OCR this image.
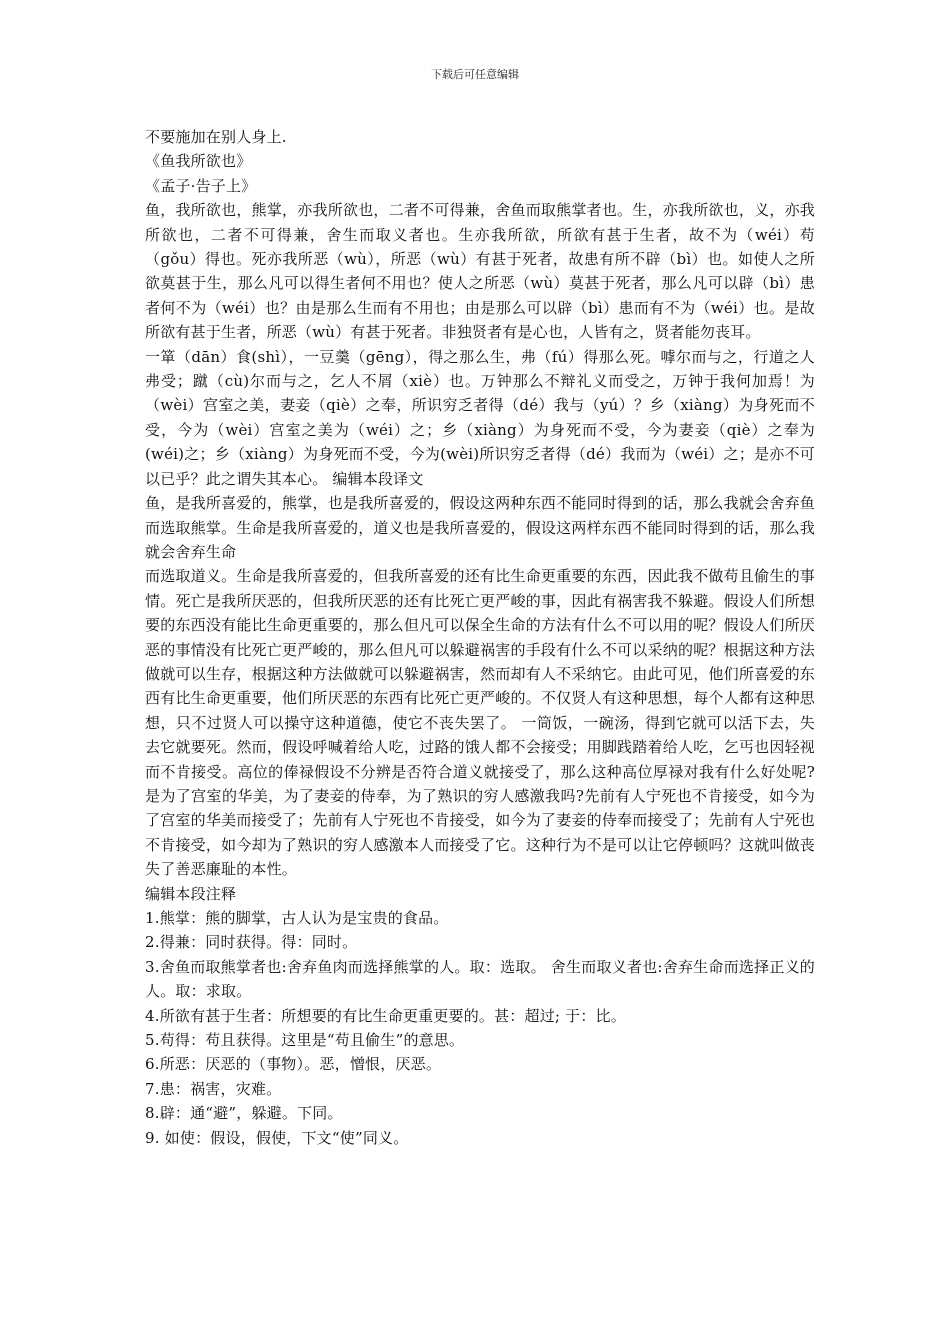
下载后可任意编辑

不要施加在别人身上.

《鱼我所欲也》

《孟子·告子上》

鱼，我所欲也，熊掌，亦我所欲也，二者不可得兼，舍鱼而取熊掌者也。生，亦我所欲也，义，亦我所欲也，二者不可得兼，舍生而取义者也。生亦我所欲，所欲有甚于生者，故不为（wéi）苟（gǒu）得也。死亦我所恶（wù），所恶（wù）有甚于死者，故患有所不辟（bì）也。如使人之所欲莫甚于生，那么凡可以得生者何不用也？使人之所恶（wù）莫甚于死者，那么凡可以辟（bì）患者何不为（wéi）也？由是那么生而有不用也；由是那么可以辟（bì）患而有不为（wéi）也。是故所欲有甚于生者，所恶（wù）有甚于死者。非独贤者有是心也，人皆有之，贤者能勿丧耳。

一箪（dān）食(shì），一豆羹（gēng），得之那么生，弗（fú）得那么死。嘑尔而与之，行道之人弗受；蹴（cù)尔而与之，乞人不屑（xiè）也。万钟那么不辩礼义而受之，万钟于我何加焉！为（wèi）宫室之美，妻妾（qiè）之奉，所识穷乏者得（dé）我与（yú）？乡（xiàng）为身死而不受，今为（wèi）宫室之美为（wéi）之；乡（xiàng）为身死而不受，今为妻妾（qiè）之奉为(wéi)之；乡（xiàng）为身死而不受，今为(wèi)所识穷乏者得（dé）我而为（wéi）之；是亦不可以已乎？此之谓失其本心。 编辑本段译文

鱼，是我所喜爱的，熊掌，也是我所喜爱的，假设这两种东西不能同时得到的话，那么我就会舍弃鱼而选取熊掌。生命是我所喜爱的，道义也是我所喜爱的，假设这两样东西不能同时得到的话，那么我就会舍弃生命

而选取道义。生命是我所喜爱的，但我所喜爱的还有比生命更重要的东西，因此我不做苟且偷生的事情。死亡是我所厌恶的，但我所厌恶的还有比死亡更严峻的事，因此有祸害我不躲避。假设人们所想要的东西没有能比生命更重要的，那么但凡可以保全生命的方法有什么不可以用的呢？假设人们所厌恶的事情没有比死亡更严峻的，那么但凡可以躲避祸害的手段有什么不可以采纳的呢？根据这种方法做就可以生存，根据这种方法做就可以躲避祸害，然而却有人不采纳它。由此可见，他们所喜爱的东西有比生命更重要，他们所厌恶的东西有比死亡更严峻的。不仅贤人有这种思想，每个人都有这种思想，只不过贤人可以操守这种道德，使它不丧失罢了。 一筒饭，一碗汤，得到它就可以活下去，失去它就要死。然而，假设呼喊着给人吃，过路的饿人都不会接受；用脚践踏着给人吃，乞丐也因轻视而不肯接受。高位的俸禄假设不分辨是否符合道义就接受了，那么这种高位厚禄对我有什么好处呢? 是为了宫室的华美，为了妻妾的侍奉，为了熟识的穷人感激我吗?先前有人宁死也不肯接受，如今为了宫室的华美而接受了；先前有人宁死也不肯接受，如今为了妻妾的侍奉而接受了；先前有人宁死也不肯接受，如今却为了熟识的穷人感激本人而接受了它。这种行为不是可以让它停顿吗？这就叫做丧失了善恶廉耻的本性。

编辑本段注释

1.熊掌：熊的脚掌，古人认为是宝贵的食品。

2.得兼：同时获得。得：同时。

3.舍鱼而取熊掌者也:舍弃鱼肉而选择熊掌的人。取：选取。 舍生而取义者也:舍弃生命而选择正义的人。取：求取。

4.所欲有甚于生者：所想要的有比生命更重更要的。甚：超过; 于：比。

5.苟得：苟且获得。这里是“苟且偷生”的意思。

6.所恶：厌恶的（事物）。恶，憎恨，厌恶。

7.患：祸害，灾难。

8.辟：通“避”，躲避。下同。

9. 如使：假设，假使，下文“使”同义。
